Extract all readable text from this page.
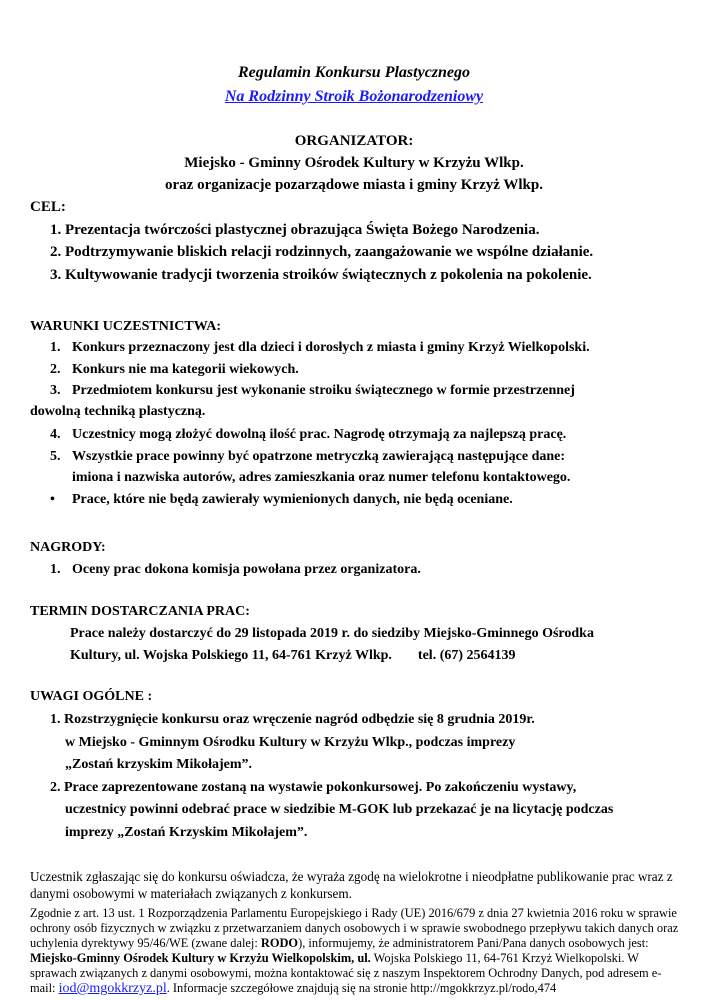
Regulamin Konkursu Plastycznego
Na Rodzinny Stroik Bożonarodzeniowy
ORGANIZATOR:
Miejsko - Gminny Ośrodek Kultury w Krzyżu Wlkp.
oraz organizacje pozarządowe miasta i gminy Krzyż Wlkp.
CEL:
1. Prezentacja twórczości plastycznej obrazująca Święta Bożego Narodzenia.
2. Podtrzymywanie bliskich relacji rodzinnych, zaangażowanie we wspólne działanie.
3. Kultywowanie tradycji tworzenia stroików świątecznych z pokolenia na pokolenie.
WARUNKI UCZESTNICTWA:
1. Konkurs przeznaczony jest dla dzieci i dorosłych z miasta i gminy Krzyż Wielkopolski.
2. Konkurs nie ma kategorii wiekowych.
3. Przedmiotem konkursu jest wykonanie stroiku świątecznego w formie przestrzennej
dowolną techniką plastyczną.
4. Uczestnicy mogą złożyć dowolną ilość prac. Nagrodę otrzymają za najlepszą pracę.
5. Wszystkie prace powinny być opatrzone metryczką zawierającą następujące dane:
imiona i nazwiska autorów, adres zamieszkania oraz numer telefonu kontaktowego.
• Prace, które nie będą zawierały wymienionych danych, nie będą oceniane.
NAGRODY:
1. Oceny prac dokona komisja powołana przez organizatora.
TERMIN DOSTARCZANIA PRAC:
Prace należy dostarczyć do 29 listopada 2019 r. do siedziby Miejsko-Gminnego Ośrodka
Kultury, ul. Wojska Polskiego 11, 64-761 Krzyż Wlkp. tel. (67) 2564139
UWAGI OGÓLNE :
1. Rozstrzygnięcie konkursu oraz wręczenie nagród odbędzie się 8 grudnia 2019r.
w Miejsko - Gminnym Ośrodku Kultury w Krzyżu Wlkp., podczas imprezy
„Zostań krzyskim Mikołajem”.
2. Prace zaprezentowane zostaną na wystawie pokonkursowej. Po zakończeniu wystawy,
uczestnicy powinni odebrać prace w siedzibie M-GOK lub przekazać je na licytację podczas
imprezy „Zostań Krzyskim Mikołajem”.
Uczestnik zgłaszając się do konkursu oświadcza, że wyraża zgodę na wielokrotne i nieodpłatne publikowanie prac wraz z
danymi osobowymi w materiałach związanych z konkursem.
Zgodnie z art. 13 ust. 1 Rozporządzenia Parlamentu Europejskiego i Rady (UE) 2016/679 z dnia 27 kwietnia 2016 roku w sprawie
ochrony osób fizycznych w związku z przetwarzaniem danych osobowych i w sprawie swobodnego przepływu takich danych oraz
uchylenia dyrektywy 95/46/WE (zwane dalej: RODO), informujemy, że administratorem Pani/Pana danych osobowych jest:
Miejsko-Gminny Ośrodek Kultury w Krzyżu Wielkopolskim, ul. Wojska Polskiego 11, 64-761 Krzyż Wielkopolski. W
sprawach związanych z danymi osobowymi, można kontaktować się z naszym Inspektorem Ochrodny Danych, pod adresem e-
mail: iod@mgokkrzyz.pl. Informacje szczegółowe znajdują się na stronie http://mgokkrzyz.pl/rodo,474
